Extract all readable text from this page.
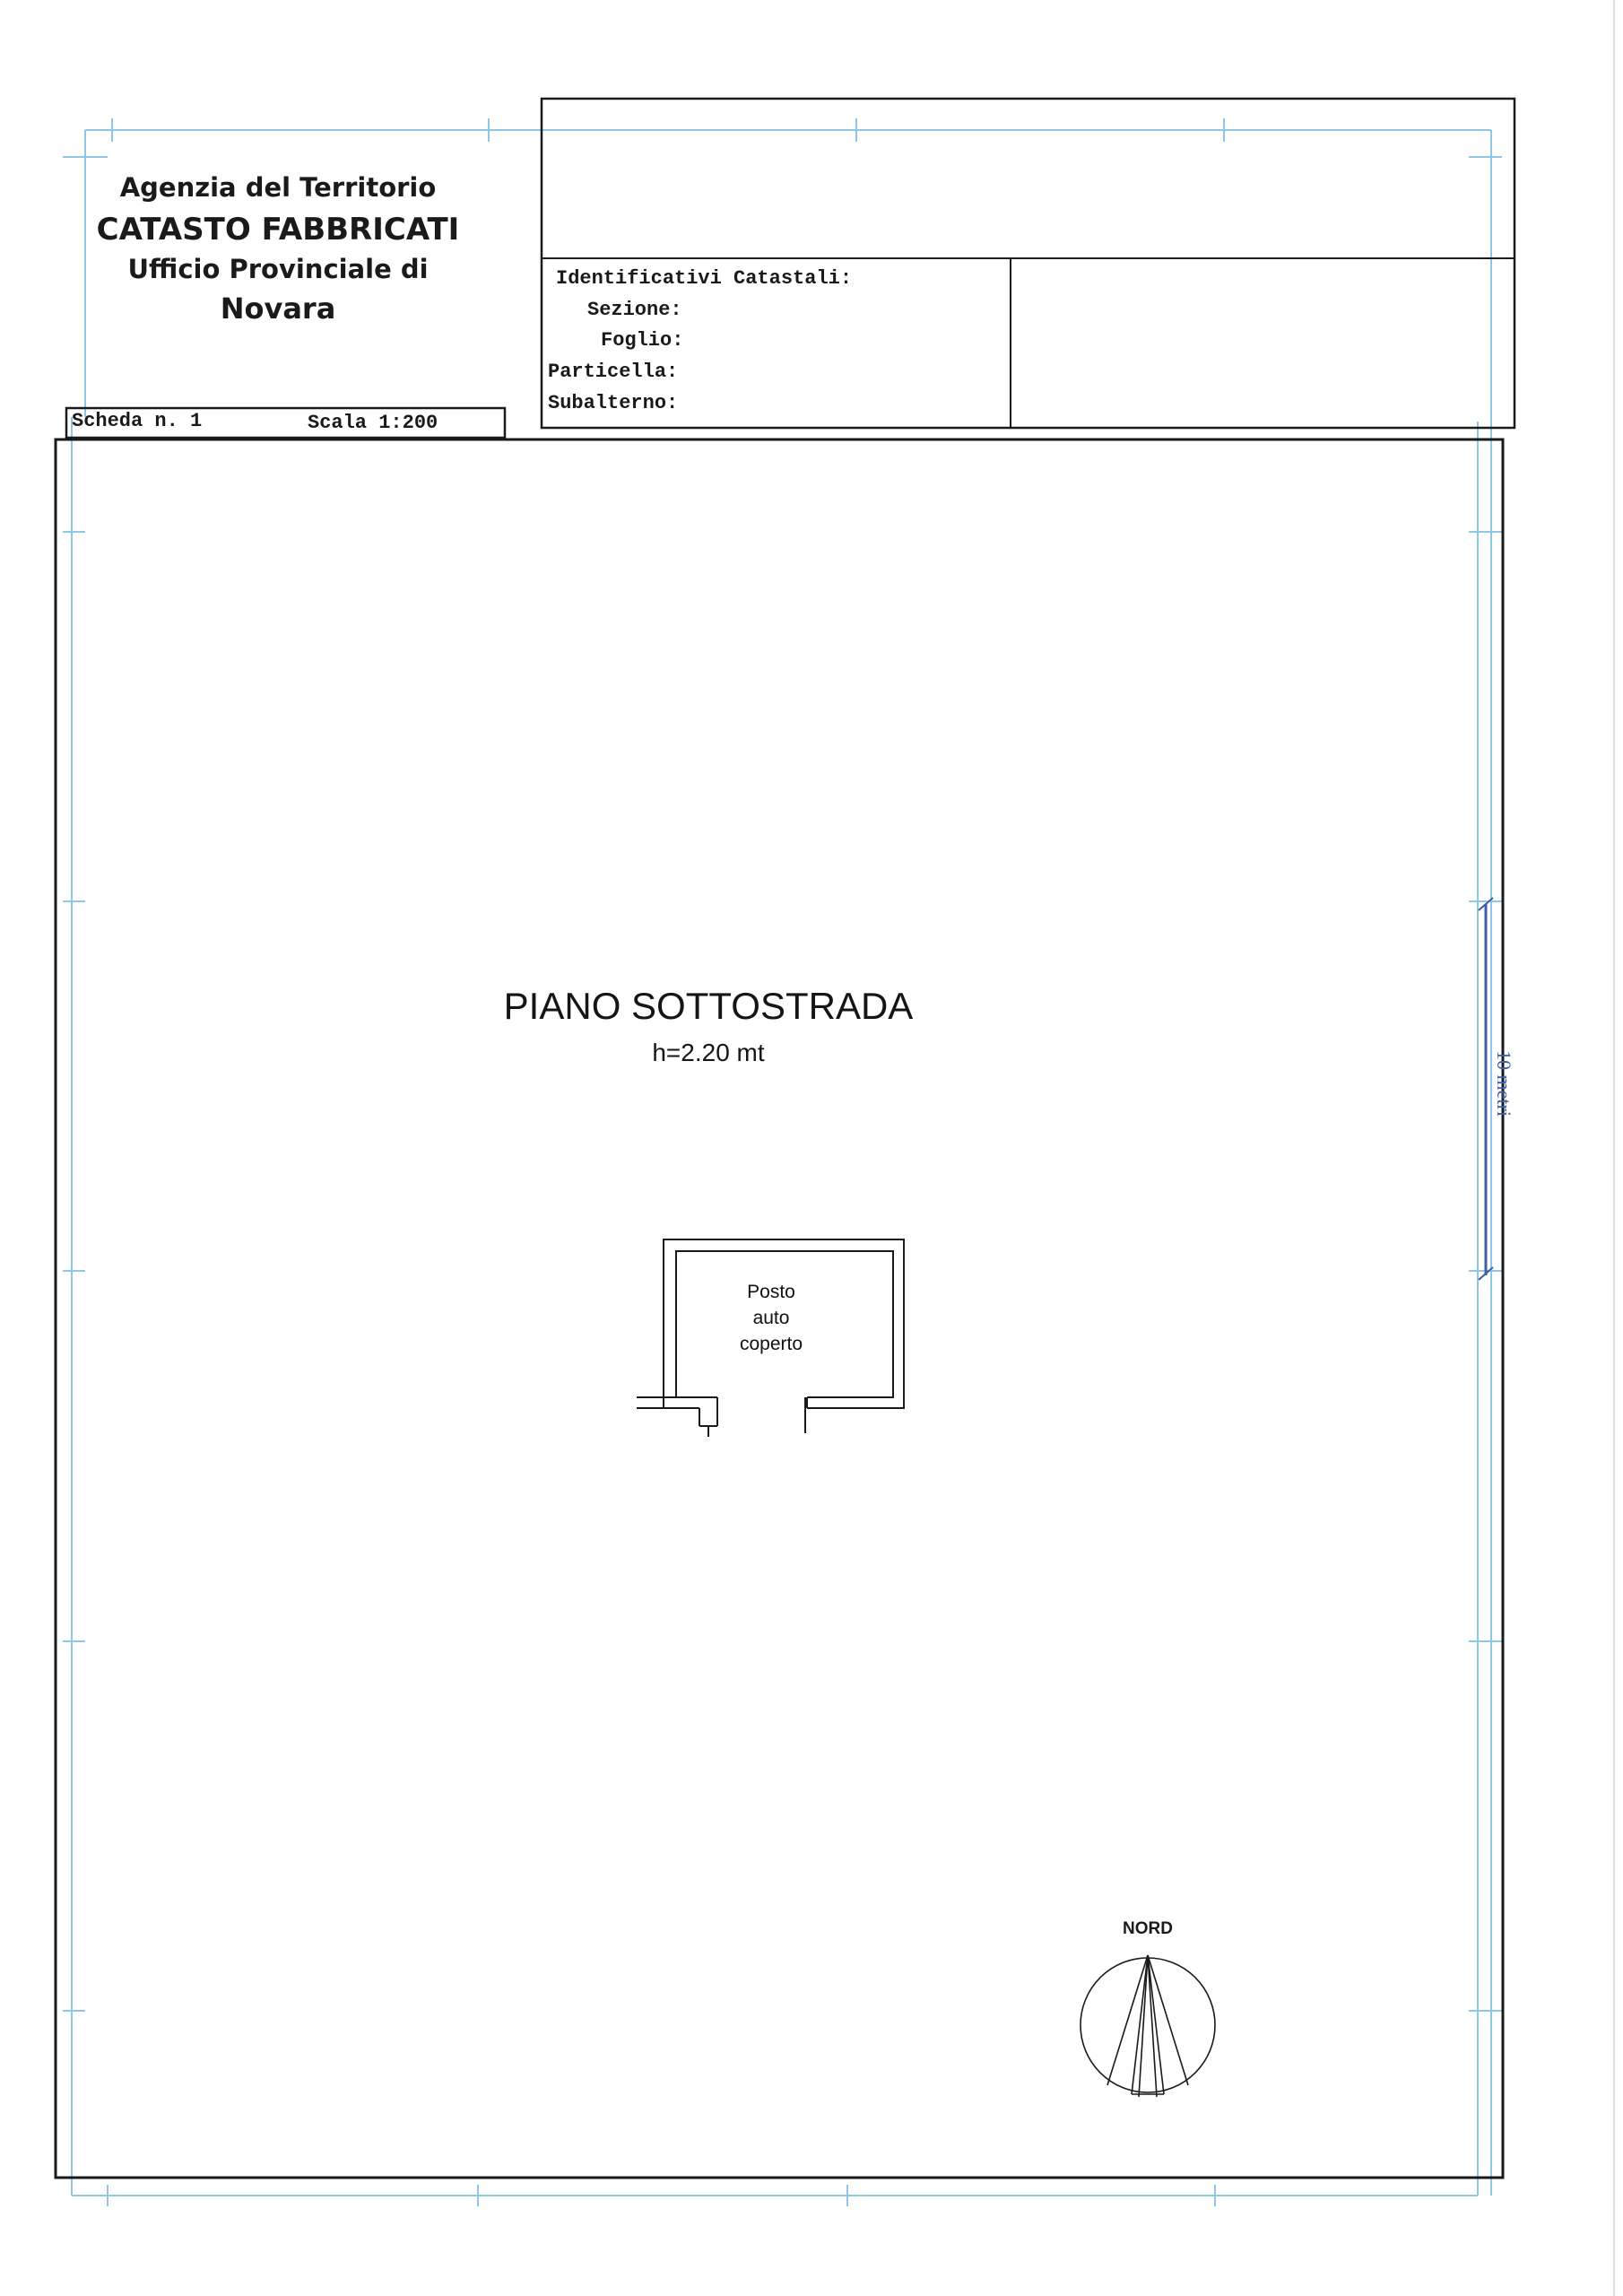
Agenzia del Territorio
CATASTO FABBRICATI
Ufficio Provinciale di
Novara
Scheda n. 1	Scala 1:200
Identificativi Catastali:
Sezione:
Foglio:
Particella:
Subalterno:
PIANO SOTTOSTRADA
h=2.20 mt
Posto
auto
coperto
10 metri
NORD
